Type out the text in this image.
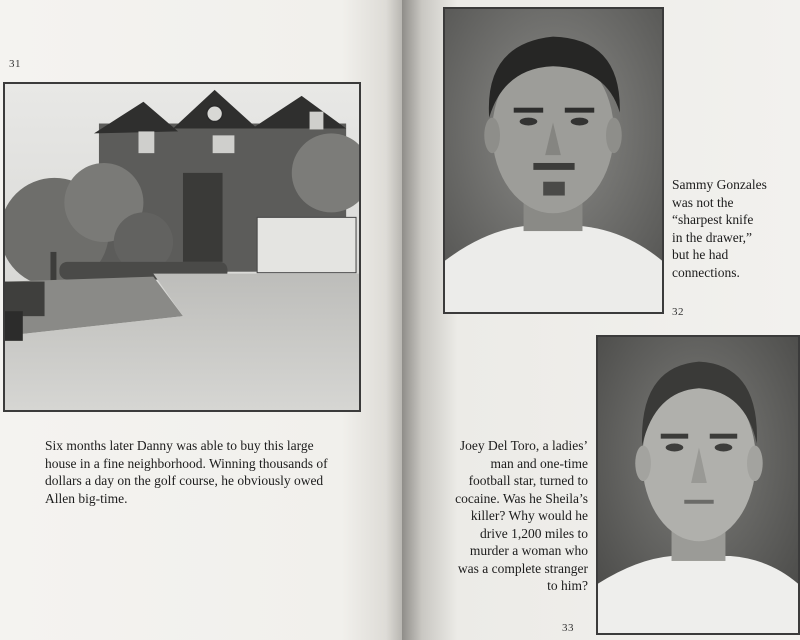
31
Six months later Danny was able to buy this large
house in a fine neighborhood. Winning thousands of
dollars a day on the golf course, he obviously owed
Allen big-time.
Sammy Gonzales
was not the
“sharpest knife
in the drawer,”
but he had
connections.
32
Joey Del Toro, a ladies’
man and one-time
football star, turned to
cocaine. Was he Sheila’s
killer? Why would he
drive 1,200 miles to
murder a woman who
was a complete stranger
to him?
33
